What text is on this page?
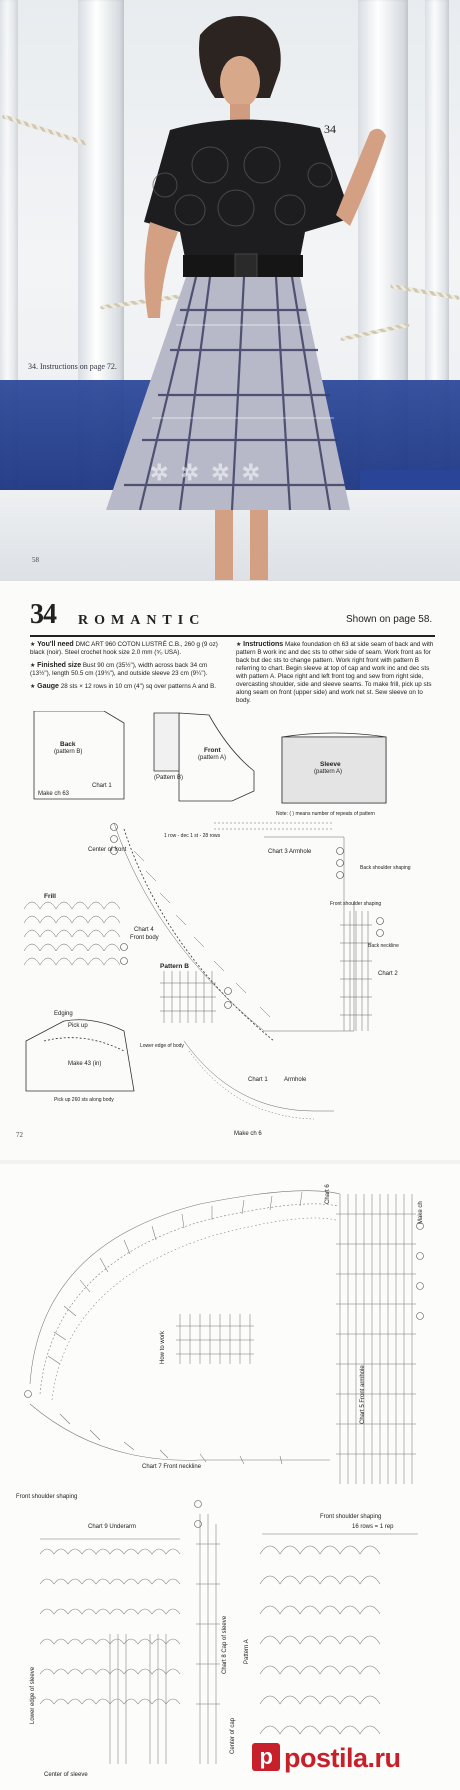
✲ ✲ ✲ ✲
34
34. Instructions on page 72.
58
34 ROMANTIC	Shown on page 58.
★ You'll need DMC ART 960 COTON LUSTRÉ C.B., 260 g (9 oz) black (noir). Steel crochet hook size 2.0 mm (⁵⁄₀ USA).
★ Finished size Bust 90 cm (35½"), width across back 34 cm (13½"), length 50.5 cm (19¾"), and outside sleeve 23 cm (9¼").
★ Gauge 28 sts × 12 rows in 10 cm (4") sq over patterns A and B.
★ Instructions Make foundation ch 63 at side seam of back and with pattern B work inc and dec sts to other side of seam. Work front as for back but dec sts to change pattern. Work right front with pattern B referring to chart. Begin sleeve at top of cap and work inc and dec sts with pattern A. Place right and left front tog and sew from right side, overcasting shoulder, side and sleeve seams. To make frill, pick up sts along seam on front (upper side) and work net st. Sew sleeve on to body.
Back
(pattern B)	Front
(pattern A)
(Pattern B)
Sleeve
(pattern A)
Note: ( ) means number of repeats of pattern
Make ch 63
Chart 1
Chart 3 Armhole
1 row - dec 1 st - 28 rows
Center of front
Back shoulder shaping
Front shoulder shaping
Frill
Chart 4
Front body
Back neckline
Chart 2
Pattern B
Edging
Pick up
Lower edge of body
Make 43 (in)
Pick up 260 sts along body
Chart 1	Armhole
Make ch 6
72
Chart 6
Chart 7 Front neckline
Chart 5 Front armhole
Front shoulder shaping
Front shoulder shaping
How to work
Chart 9 Underarm
Chart 8 Cap of sleeve	Pattern A
Lower edge of sleeve
Center of cap
Center of sleeve
Make ch
16 rows = 1 rep
p postila.ru
